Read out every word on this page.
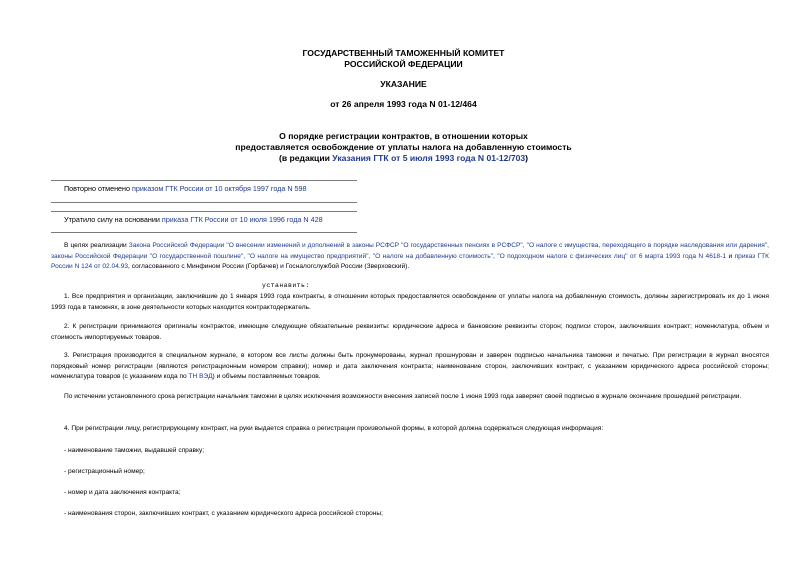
ГОСУДАРСТВЕННЫЙ ТАМОЖЕННЫЙ КОМИТЕТ
РОССИЙСКОЙ ФЕДЕРАЦИИ
УКАЗАНИЕ
от 26 апреля 1993 года N 01-12/464
О порядке регистрации контрактов, в отношении которых
предоставляется освобождение от уплаты налога на добавленную стоимость
(в редакции Указания ГТК от 5 июля 1993 года N 01-12/703)
Повторно отменено приказом ГТК России от 10 октября 1997 года N 598
Утратило силу на основании приказа ГТК России от 10 июля 1996 года N 428
В целях реализации Закона Российской Федерации "О внесении изменений и дополнений в законы РСФСР "О государственных пенсиях в РСФСР", "О налоге с имущества, переходящего в порядке наследования или дарения", законы Российской Федерации "О государственной пошлине", "О налоге на имущество предприятий", "О налоге на добавленную стоимость", "О подоходном налоге с физических лиц" от 6 марта 1993 года N 4618-1 и приказ ГТК России N 124 от 02.04.93, согласованного с Минфином России (Горбачев) и Госналогслужбой России (Зверховский).
устанавить:
1. Все предприятия и организации, заключившие до 1 января 1993 года контракты, в отношении которых предоставляется освобождение от уплаты налога на добавленную стоимость, должны зарегистрировать их до 1 июня 1993 года в таможнях, в зоне деятельности которых находится контрактодержатель.
2. К регистрации принимаются оригиналы контрактов, имеющие следующие обязательные реквизиты: юридические адреса и банковские реквизиты сторон; подписи сторон, заключивших контракт; номенклатура, объем и стоимость импортируемых товаров.
3. Регистрация производится в специальном журнале, в котором все листы должны быть пронумерованы, журнал прошнурован и заверен подписью начальника таможни и печатью. При регистрации в журнал вносятся порядковый номер регистрации (являются регистрационным номером справки); номер и дата заключения контракта; наименование сторон, заключивших контракт, с указанием юридического адреса российской стороны; номенклатура товаров (с указанием кода по ТН ВЭД) и объемы поставляемых товаров.
По истечении установленного срока регистрации начальник таможни в целях исключения возможности внесения записей после 1 июня 1993 года заверяет своей подписью в журнале окончание прошедшей регистрации.
4. При регистрации лицу, регистрирующему контракт, на руки выдается справка о регистрации произвольной формы, в которой должна содержаться следующая информация:
- наименование таможни, выдавшей справку;
- регистрационный номер;
- номер и дата заключения контракта;
- наименования сторон, заключивших контракт, с указанием юридического адреса российской стороны;
